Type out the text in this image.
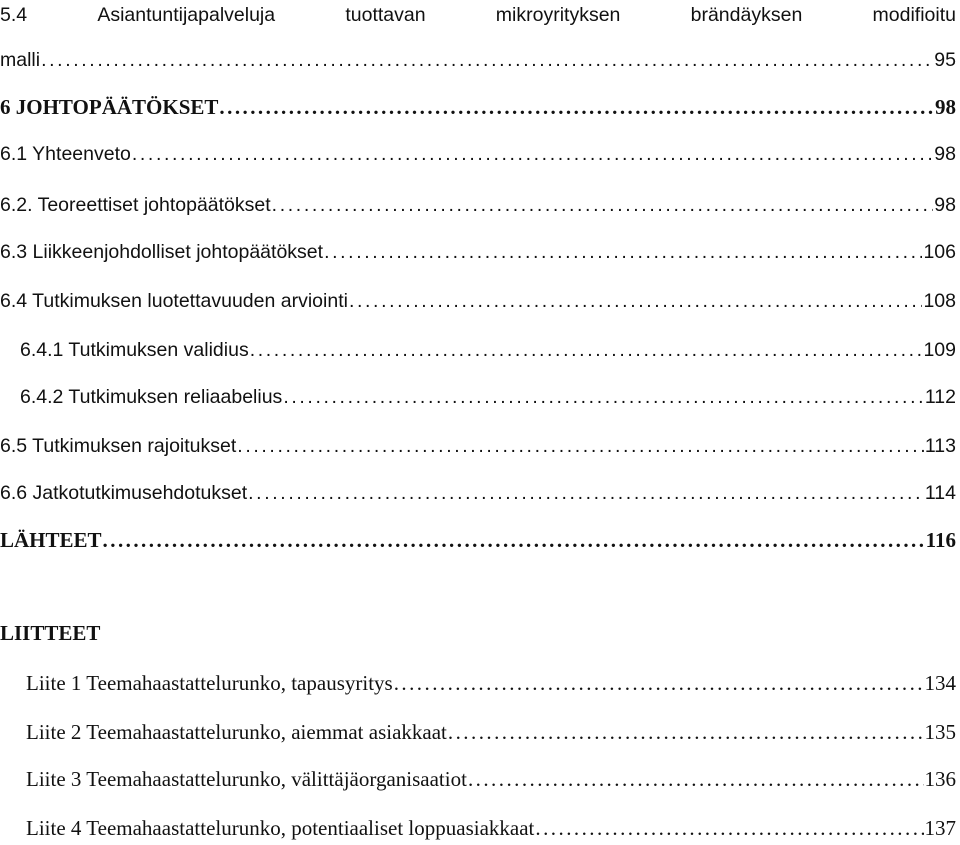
5.4	Asiantuntijapalveluja	tuottavan	mikroyrityksen	brändäyksen	modifioitu
malli . . .	95
6 JOHTOPÄÄTÖKSET . . .	98
6.1 Yhteenveto . . .	98
6.2. Teoreettiset johtopäätökset . . .	98
6.3 Liikkeenjohdolliset johtopäätökset . . .	106
6.4 Tutkimuksen luotettavuuden arviointi . . .	108
6.4.1 Tutkimuksen validius . . .	109
6.4.2 Tutkimuksen reliaabelius . . .	112
6.5 Tutkimuksen rajoitukset . . .	113
6.6 Jatkotutkimusehdotukset . . .	114
LÄHTEET . . .	116
LIITTEET
Liite 1 Teemahaastattelurunko, tapausyritys . . .	134
Liite 2 Teemahaastattelurunko, aiemmat asiakkaat . . .	135
Liite 3 Teemahaastattelurunko, välittäjäorganisaatiot . . .	136
Liite 4 Teemahaastattelurunko, potentiaaliset loppuasiakkaat . . .	137
